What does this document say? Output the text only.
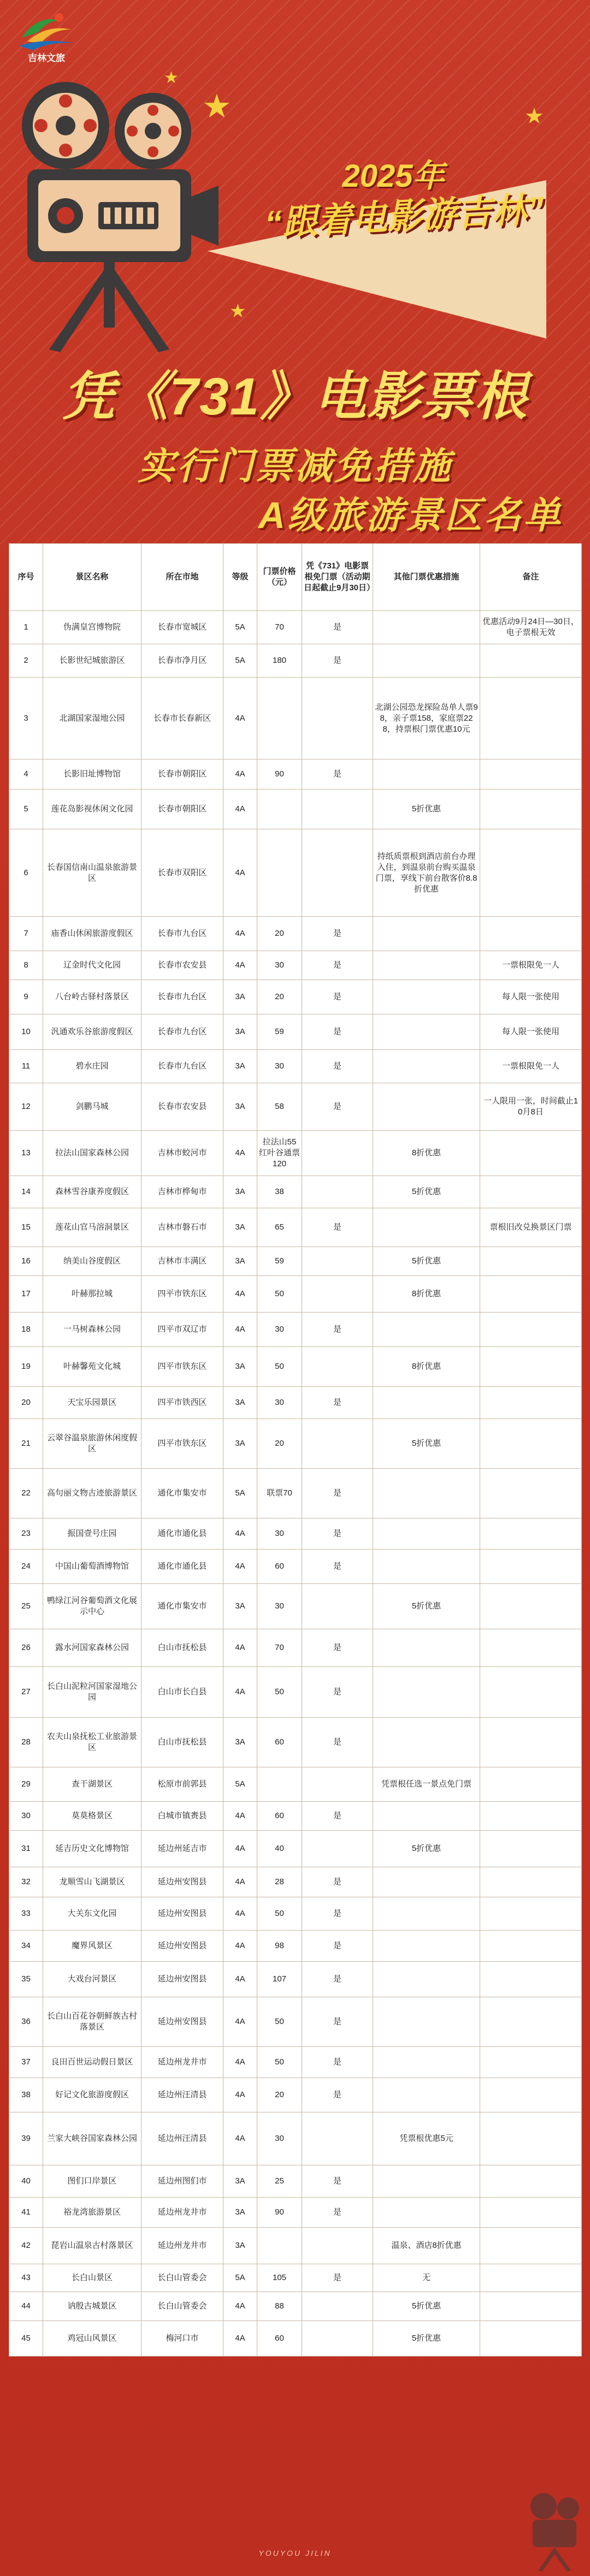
吉林文旅
★
★
★
★
2025年
“跟着电影游吉林”
凭《731》电影票根
实行门票减免措施
A级旅游景区名单
序号	景区名称	所在市地	等级	门票价格（元）	凭《731》电影票根免门票（活动期日起截止9月30日）	其他门票优惠措施	备注
1	伪满皇宫博物院	长春市宽城区	5A	70	是		优惠活动9月24日—30日，电子票根无效
2	长影世纪城旅游区	长春市净月区	5A	180	是		
3	北湖国家湿地公园	长春市长春新区	4A			北湖公园恐龙探险岛单人票98，亲子票158，家庭票228，持票根门票优惠10元	
4	长影旧址博物馆	长春市朝阳区	4A	90	是		
5	莲花岛影视休闲文化园	长春市朝阳区	4A			5折优惠	
6	长春国信南山温泉旅游景区	长春市双阳区	4A			持纸质票根到酒店前台办理入住，到温泉前台购买温泉门票，享线下前台散客价8.8折优惠	
7	庙香山休闲旅游度假区	长春市九台区	4A	20	是		
8	辽金时代文化园	长春市农安县	4A	30	是		一票根限免一人
9	八台岭古驿村落景区	长春市九台区	3A	20	是		每人限一张使用
10	汎通欢乐谷旅游度假区	长春市九台区	3A	59	是		每人限一张使用
11	碧水庄园	长春市九台区	3A	30	是		一票根限免一人
12	剑鹏马城	长春市农安县	3A	58	是		一人限用一张，时间截止10月8日
13	拉法山国家森林公园	吉林市蛟河市	4A	拉法山55 红叶谷通票120		8折优惠	
14	森林雪谷康养度假区	吉林市桦甸市	3A	38		5折优惠	
15	莲花山官马溶洞景区	吉林市磐石市	3A	65	是		票根旧改兑换景区门票
16	纳美山谷度假区	吉林市丰满区	3A	59		5折优惠	
17	叶赫那拉城	四平市铁东区	4A	50		8折优惠	
18	一马树森林公园	四平市双辽市	4A	30	是		
19	叶赫馨苑文化城	四平市铁东区	3A	50		8折优惠	
20	天宝乐园景区	四平市铁西区	3A	30	是		
21	云翠谷温泉旅游休闲度假区	四平市铁东区	3A	20		5折优惠	
22	高句丽文物古迹旅游景区	通化市集安市	5A	联票70	是		
23	振国壹号庄园	通化市通化县	4A	30	是		
24	中国山葡萄酒博物馆	通化市通化县	4A	60	是		
25	鸭绿江河谷葡萄酒文化展示中心	通化市集安市	3A	30		5折优惠	
26	露水河国家森林公园	白山市抚松县	4A	70	是		
27	长白山泥粒河国家湿地公园	白山市长白县	4A	50	是		
28	农夫山泉抚松工业旅游景区	白山市抚松县	3A	60	是		
29	查干湖景区	松原市前郭县	5A			凭票根任选一景点免门票	
30	莫莫格景区	白城市镇赉县	4A	60	是		
31	延吉历史文化博物馆	延边州延吉市	4A	40		5折优惠	
32	龙顺雪山飞湖景区	延边州安图县	4A	28	是		
33	大关东文化园	延边州安图县	4A	50	是		
34	魔界风景区	延边州安图县	4A	98	是		
35	大戏台河景区	延边州安图县	4A	107	是		
36	长白山百花谷朝鲜族古村落景区	延边州安图县	4A	50	是		
37	良田百世运动假日景区	延边州龙井市	4A	50	是		
38	好记文化旅游度假区	延边州汪清县	4A	20	是		
39	兰家大峡谷国家森林公园	延边州汪清县	4A	30		凭票根优惠5元	
40	图们口岸景区	延边州图们市	3A	25	是		
41	裕龙湾旅游景区	延边州龙井市	3A	90	是		
42	琵岩山温泉古村落景区	延边州龙井市	3A			温泉、酒店8折优惠	
43	长白山景区	长白山管委会	5A	105	是	无	
44	讷殷古城景区	长白山管委会	4A	88		5折优惠	
45	鸡冠山风景区	梅河口市	4A	60		5折优惠	
YOUYOU JILIN
